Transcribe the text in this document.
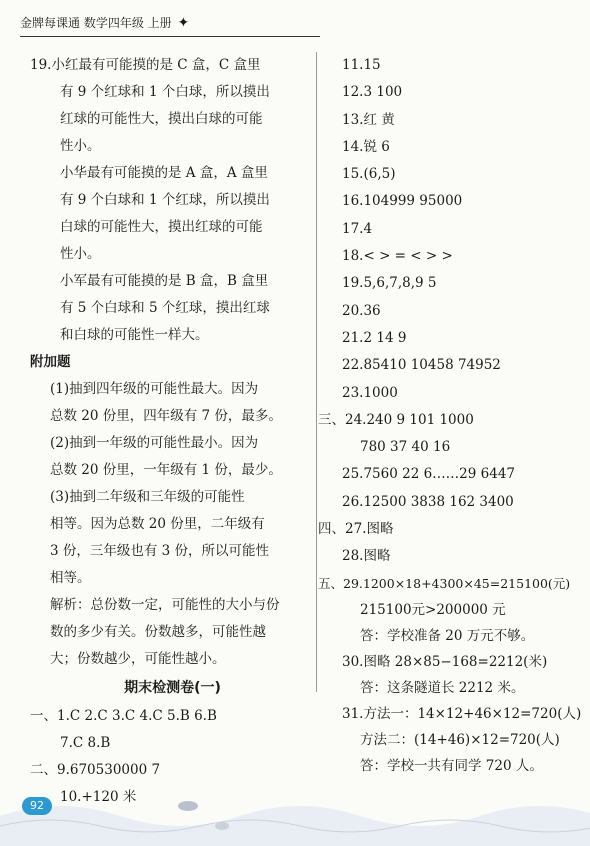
金牌每课通 数学四年级 上册 ✦

19.小红最有可能摸的是 C 盒，C 盒里

有 9 个红球和 1 个白球，所以摸出

红球的可能性大，摸出白球的可能

性小。

小华最有可能摸的是 A 盒，A 盒里

有 9 个白球和 1 个红球，所以摸出

白球的可能性大，摸出红球的可能

性小。

小军最有可能摸的是 B 盒，B 盒里

有 5 个白球和 5 个红球，摸出红球

和白球的可能性一样大。

附加题

(1)抽到四年级的可能性最大。因为

总数 20 份里，四年级有 7 份，最多。

(2)抽到一年级的可能性最小。因为

总数 20 份里，一年级有 1 份，最少。

(3)抽到二年级和三年级的可能性

相等。因为总数 20 份里，二年级有

3 份，三年级也有 3 份，所以可能性

相等。

解析：总份数一定，可能性的大小与份

数的多少有关。份数越多，可能性越

大；份数越少，可能性越小。

期末检测卷(一)

一、1.C 2.C 3.C 4.C 5.B 6.B

7.C 8.B

二、9.670530000 7

10.+120 米

11.15
12.3 100
13.红 黄
14.锐 6
15.(6,5)
16.104999 95000
17.4
18.< > = < > >
19.5,6,7,8,9 5
20.36
21.2 14 9
22.85410 10458 74952
23.1000
三、24.240 9 101 1000
780 37 40 16
25.7560 22 6……29 6447
26.12500 3838 162 3400
四、27.图略
28.图略
五、29.1200×18+4300×45=215100(元)
215100元>200000 元
答：学校准备 20 万元不够。
30.图略 28×85−168=2212(米)
答：这条隧道长 2212 米。
31.方法一：14×12+46×12=720(人)
方法二：(14+46)×12=720(人)
答：学校一共有同学 720 人。
92
